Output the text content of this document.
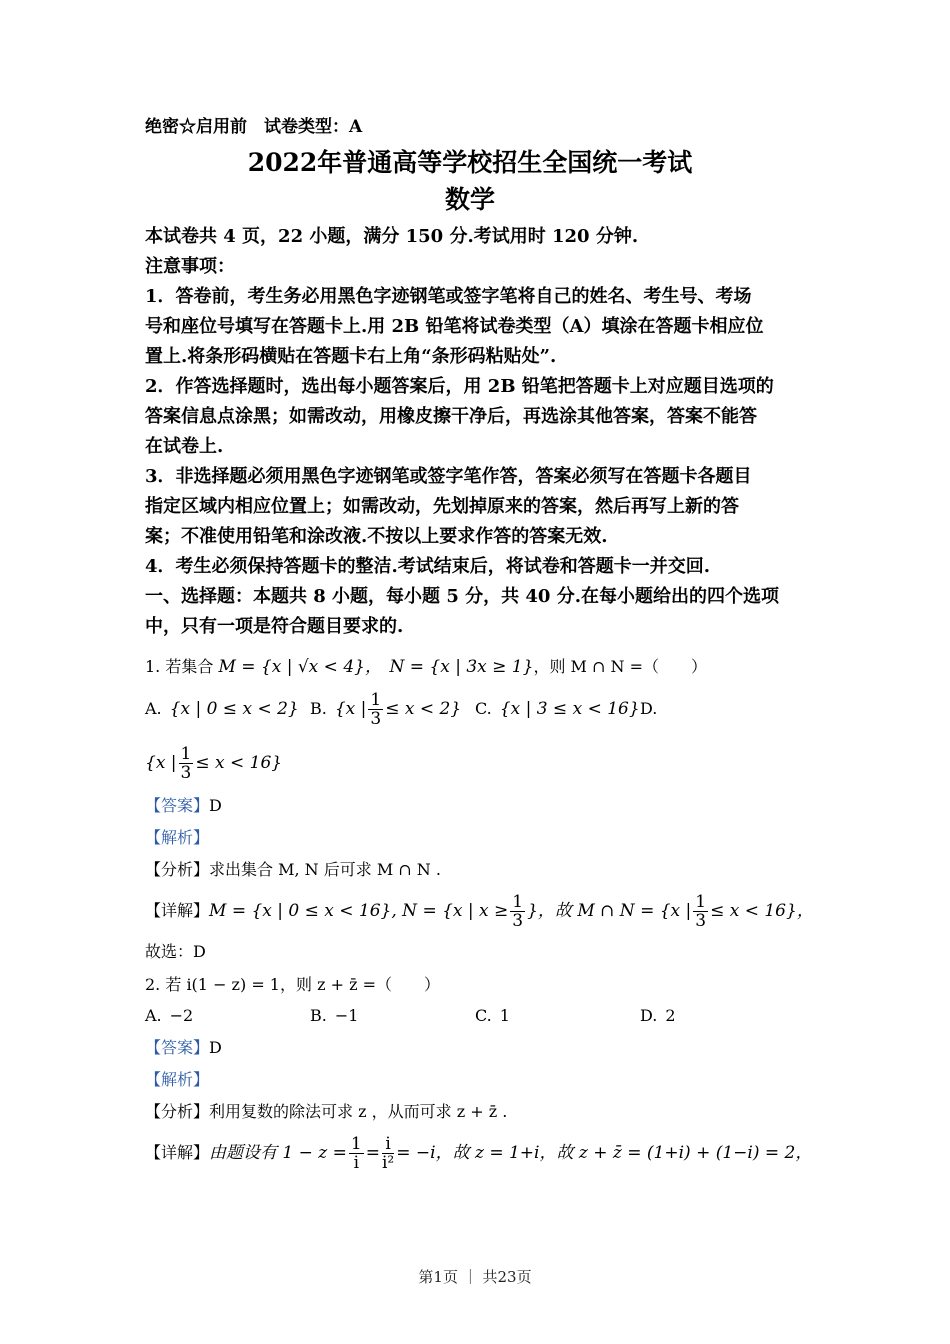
绝密☆启用前　试卷类型：A
2022年普通高等学校招生全国统一考试
数学
本试卷共 4 页，22 小题，满分 150 分.考试用时 120 分钟.
注意事项：
1．答卷前，考生务必用黑色字迹钢笔或签字笔将自己的姓名、考生号、考场
号和座位号填写在答题卡上.用 2B 铅笔将试卷类型（A）填涂在答题卡相应位
置上.将条形码横贴在答题卡右上角“条形码粘贴处”.
2．作答选择题时，选出每小题答案后，用 2B 铅笔把答题卡上对应题目选项的
答案信息点涂黑；如需改动，用橡皮擦干净后，再选涂其他答案，答案不能答
在试卷上.
3．非选择题必须用黑色字迹钢笔或签字笔作答，答案必须写在答题卡各题目
指定区域内相应位置上；如需改动，先划掉原来的答案，然后再写上新的答
案；不准使用铅笔和涂改液.不按以上要求作答的答案无效.
4．考生必须保持答题卡的整洁.考试结束后，将试卷和答题卡一并交回.
一、选择题：本题共 8 小题，每小题 5 分，共 40 分.在每小题给出的四个选项
中，只有一项是符合题目要求的.
1. 若集合 M = {x | √x < 4}，　 N = {x | 3x ≥ 1}，则 M ∩ N =（　　）
A. {x | 0 ≤ x < 2} B. {x | $\frac{1}{3} \le x < 2$} C. {x | 3 ≤ x < 16} D.
{x | $\frac{1}{3} \le x < 16$}
【答案】D
【解析】
【分析】求出集合 M, N 后可求 M ∩ N .
【详解】 M = {x | 0 ≤ x < 16}, N = {x | $x \ge \frac{1}{3}$ }，故 M ∩ N = {x | $\frac{1}{3} \le x < 16$}，
故选：D
2. 若 i(1 − z) = 1，则 z + z̄ =（　　）
A. −2	B. −1	C. 1	D. 2
【答案】D
【解析】
【分析】利用复数的除法可求 z ，从而可求 z + z̄ .
【详解】 由题设有 $1 - z = \frac{1}{i} = \frac{i}{\text{i²}} = -i$，故 z = 1+i，故 z + z̄ = (1+i) + (1−i) = 2，
第1页 ｜ 共23页
